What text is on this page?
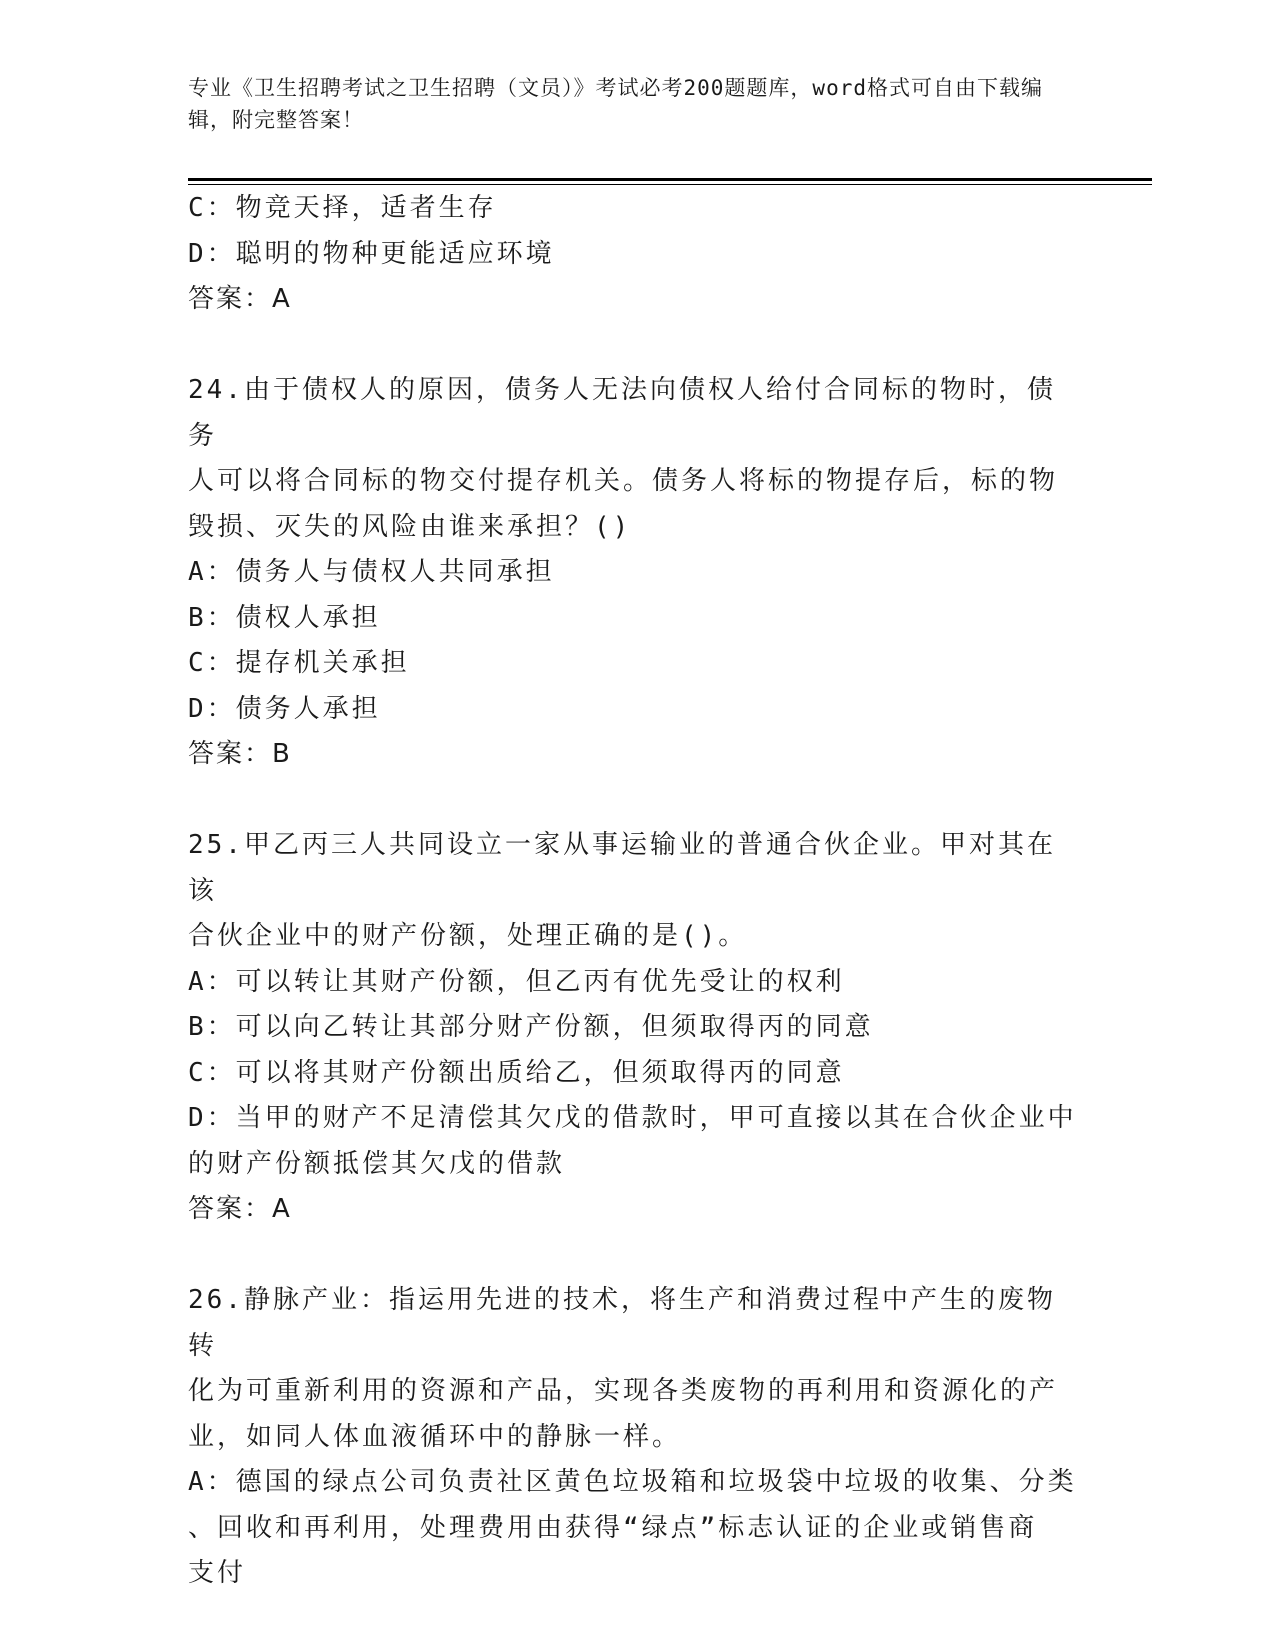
专业《卫生招聘考试之卫生招聘（文员）》考试必考200题题库，word格式可自由下载编辑，附完整答案！
C：物竞天择，适者生存
D：聪明的物种更能适应环境
答案：A
24.由于债权人的原因，债务人无法向债权人给付合同标的物时，债务
人可以将合同标的物交付提存机关。债务人将标的物提存后，标的物
毁损、灭失的风险由谁来承担？()
A：债务人与债权人共同承担
B：债权人承担
C：提存机关承担
D：债务人承担
答案：B
25.甲乙丙三人共同设立一家从事运输业的普通合伙企业。甲对其在该
合伙企业中的财产份额，处理正确的是()。
A：可以转让其财产份额，但乙丙有优先受让的权利
B：可以向乙转让其部分财产份额，但须取得丙的同意
C：可以将其财产份额出质给乙，但须取得丙的同意
D：当甲的财产不足清偿其欠戊的借款时，甲可直接以其在合伙企业中
的财产份额抵偿其欠戊的借款
答案：A
26.静脉产业：指运用先进的技术，将生产和消费过程中产生的废物转
化为可重新利用的资源和产品，实现各类废物的再利用和资源化的产
业，如同人体血液循环中的静脉一样。
A：德国的绿点公司负责社区黄色垃圾箱和垃圾袋中垃圾的收集、分类
、回收和再利用，处理费用由获得“绿点”标志认证的企业或销售商
支付
